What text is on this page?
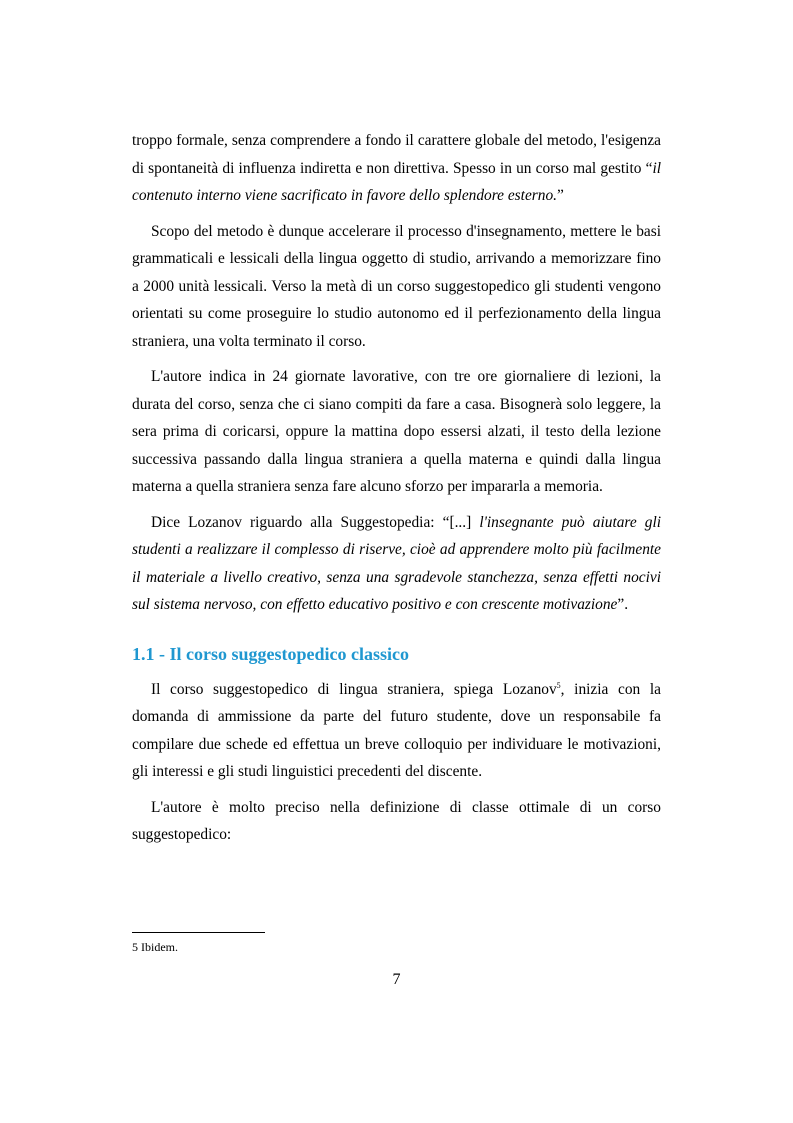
troppo formale, senza comprendere a fondo il carattere globale del metodo, l'esigenza di spontaneità di influenza indiretta e non direttiva. Spesso in un corso mal gestito “il contenuto interno viene sacrificato in favore dello splendore esterno.”

Scopo del metodo è dunque accelerare il processo d'insegnamento, mettere le basi grammaticali e lessicali della lingua oggetto di studio, arrivando a memorizzare fino a 2000 unità lessicali. Verso la metà di un corso suggestopedico gli studenti vengono orientati su come proseguire lo studio autonomo ed il perfezionamento della lingua straniera, una volta terminato il corso.

L'autore indica in 24 giornate lavorative, con tre ore giornaliere di lezioni, la durata del corso, senza che ci siano compiti da fare a casa. Bisognerà solo leggere, la sera prima di coricarsi, oppure la mattina dopo essersi alzati, il testo della lezione successiva passando dalla lingua straniera a quella materna e quindi dalla lingua materna a quella straniera senza fare alcuno sforzo per impararla a memoria.

Dice Lozanov riguardo alla Suggestopedia: “[...] l'insegnante può aiutare gli studenti a realizzare il complesso di riserve, cioè ad apprendere molto più facilmente il materiale a livello creativo, senza una sgradevole stanchezza, senza effetti nocivi sul sistema nervoso, con effetto educativo positivo e con crescente motivazione”.

1.1 - Il corso suggestopedico classico

Il corso suggestopedico di lingua straniera, spiega Lozanov$^5$, inizia con la domanda di ammissione da parte del futuro studente, dove un responsabile fa compilare due schede ed effettua un breve colloquio per individuare le motivazioni, gli interessi e gli studi linguistici precedenti del discente.

L'autore è molto preciso nella definizione di classe ottimale di un corso suggestopedico:

5 Ibidem.
7
